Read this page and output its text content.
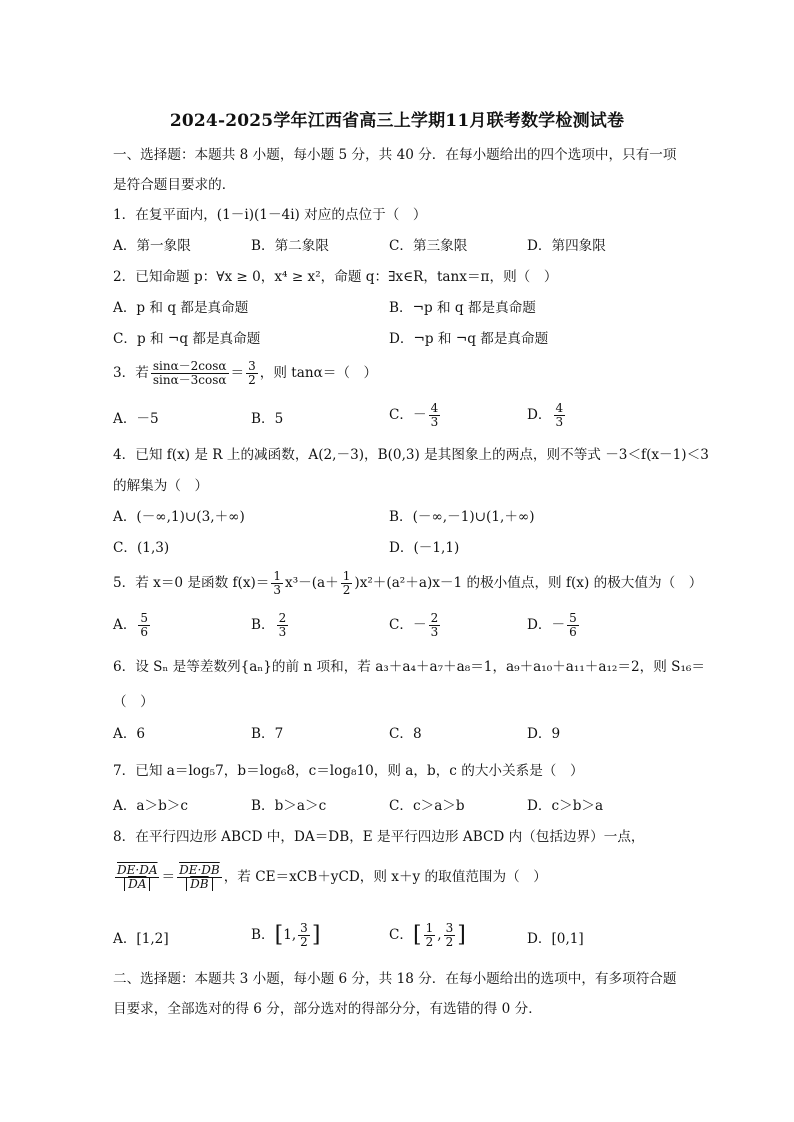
2024-2025学年江西省高三上学期11月联考数学检测试卷
一、选择题：本题共 8 小题，每小题 5 分，共 40 分．在每小题给出的四个选项中，只有一项
是符合题目要求的．
1．在复平面内，(1－i)(1－4i) 对应的点位于（　）
A．第一象限	B．第二象限	C．第三象限	D．第四象限
2．已知命题 p：∀x ≥ 0，x⁴ ≥ x²，命题 q：∃x∈R，tanx＝π，则（　）
A．p 和 q 都是真命题	B．¬p 和 q 都是真命题
C．p 和 ¬q 都是真命题	D．¬p 和 ¬q 都是真命题
3．若 $\frac{\sin\alpha-2\cos\alpha}{\sin\alpha-3\cos\alpha} = \frac{3}{2}$ ，则 tanα＝（　）
A．－5	B．5	C．－ $\frac{4}{3}$	D． $\frac{4}{3}$
4．已知 f(x) 是 R 上的减函数，A(2,－3)，B(0,3) 是其图象上的两点，则不等式 －3＜f(x－1)＜3
的解集为（　）
A．(－∞,1)∪(3,＋∞)	B．(－∞,－1)∪(1,＋∞)
C．(1,3)	D．(－1,1)
5．若 x＝0 是函数 $f(x)= \frac{1}{3} x^3-(a+ \frac{1}{2} )x^2+(a^2+a)x-1$ 的极小值点，则 f(x) 的极大值为（　）
A． $\frac{5}{6}$	B． $\frac{2}{3}$	C．－ $\frac{2}{3}$	D．－ $\frac{5}{6}$
6．设 Sₙ 是等差数列{aₙ}的前 n 项和，若 a₃＋a₄＋a₇＋a₈＝1，a₉＋a₁₀＋a₁₁＋a₁₂＝2，则 S₁₆＝
（　）
A．6	B．7	C．8	D．9
7．已知 a＝log₅7，b＝log₆8，c＝log₈10，则 a，b，c 的大小关系是（　）
A．a＞b＞c	B．b＞a＞c	C．c＞a＞b	D．c＞b＞a
8．在平行四边形 ABCD 中，DA＝DB，E 是平行四边形 ABCD 内（包括边界）一点，
$\frac{DE\cdot DA}{DA} = \frac{DE\cdot DB}{DB}$ ，若 CE＝xCB＋yCD，则 x＋y 的取值范围为（　）
A．[1,2]	B．[1, $\frac{3}{2}$ ]	C．[ $\frac{1}{2}$ , $\frac{3}{2}$ ]	D．[0,1]
二、选择题：本题共 3 小题，每小题 6 分，共 18 分．在每小题给出的选项中，有多项符合题
目要求，全部选对的得 6 分，部分选对的得部分分，有选错的得 0 分．
